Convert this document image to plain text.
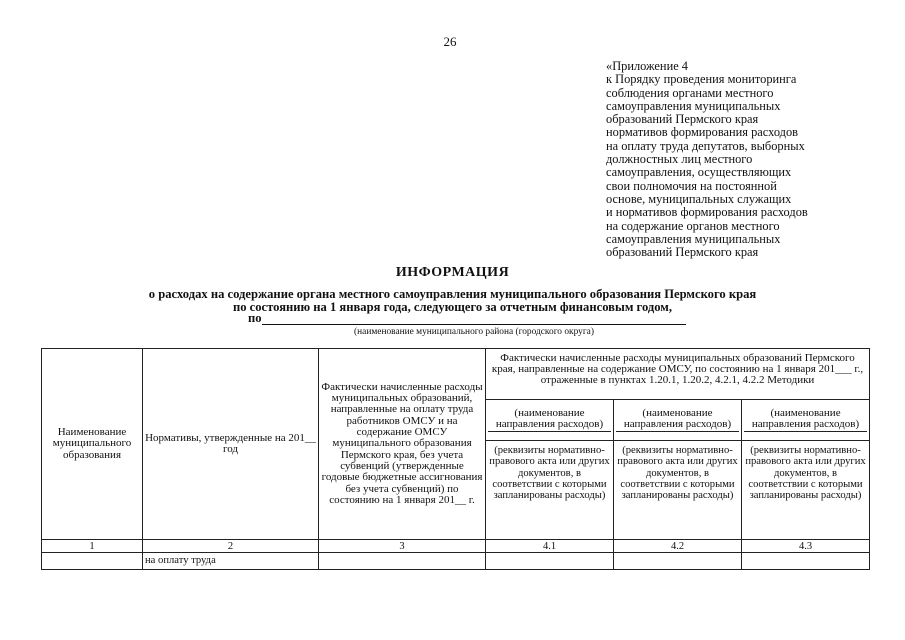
26
«Приложение 4
к Порядку проведения мониторинга
соблюдения органами местного
самоуправления муниципальных
образований Пермского края
нормативов формирования расходов
на оплату труда депутатов, выборных
должностных лиц местного
самоуправления, осуществляющих
свои полномочия на постоянной
основе, муниципальных служащих
и нормативов формирования расходов
на содержание органов местного
самоуправления муниципальных
образований Пермского края
ИНФОРМАЦИЯ
о расходах на содержание органа местного самоуправления муниципального образования Пермского края
по состоянию на 1 января года, следующего за отчетным финансовым годом,
по
(наименование муниципального района (городского округа)
Наименование муниципального образования	Нормативы, утвержденные на 201__ год	Фактически начисленные расходы муниципальных образований, направленные на оплату труда работников ОМСУ и на содержание ОМСУ муниципального образования Пермского края, без учета субвенций (утвержденные годовые бюджетные ассигнования без учета субвенций) по состоянию на 1 января 201__ г.	Фактически начисленные расходы муниципальных образований Пермского края, направленные на содержание ОМСУ, по состоянию на 1 января 201___ г., отраженные в пунктах 1.20.1, 1.20.2, 4.2.1, 4.2.2 Методики		
			(наименование направления расходов)	(наименование направления расходов)	(наименование направления расходов)
			(реквизиты нормативно-правового акта или других документов, в соответствии с которыми запланированы расходы)	(реквизиты нормативно-правового акта или других документов, в соответствии с которыми запланированы расходы)	(реквизиты нормативно-правового акта или других документов, в соответствии с которыми запланированы расходы)
1	2	3	4.1	4.2	4.3
	на оплату труда				
